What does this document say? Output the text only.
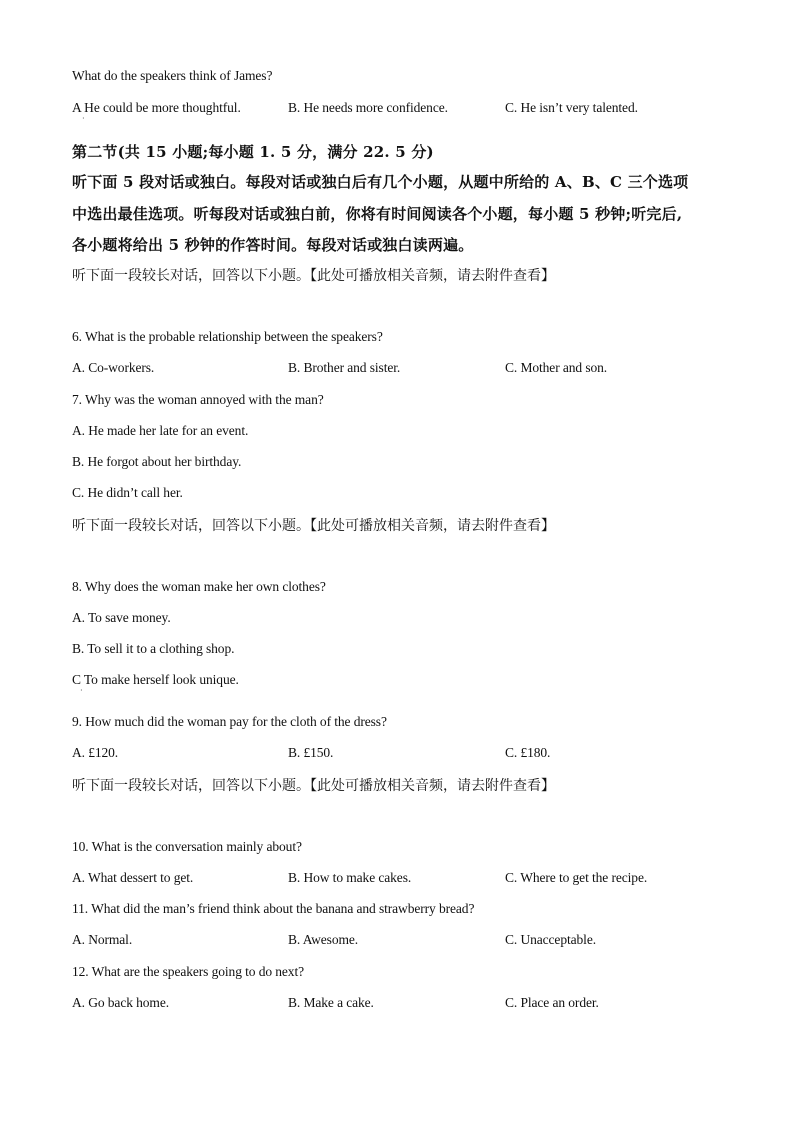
What do the speakers think of James?
A He could be more thoughtful.
·
B. He needs more confidence.	C. He isn’t very talented.
第二节(共 15 小题;每小题 1. 5 分，满分 22. 5 分)
听下面 5 段对话或独白。每段对话或独白后有几个小题，从题中所给的 A、B、C 三个选项
中选出最佳选项。听每段对话或独白前，你将有时间阅读各个小题，每小题 5 秒钟;听完后,
各小题将给出 5 秒钟的作答时间。每段对话或独白读两遍。
听下面一段较长对话，回答以下小题。【此处可播放相关音频，请去附件查看】
6. What is the probable relationship between the speakers?
A. Co-workers.	B. Brother and sister.	C. Mother and son.
7. Why was the woman annoyed with the man?
A. He made her late for an event.
B. He forgot about her birthday.
C. He didn’t call her.
听下面一段较长对话，回答以下小题。【此处可播放相关音频，请去附件查看】
8. Why does the woman make her own clothes?
A. To save money.
B. To sell it to a clothing shop.
C To make herself look unique.
·
9. How much did the woman pay for the cloth of the dress?
A. £120.	B. £150.	C. £180.
听下面一段较长对话，回答以下小题。【此处可播放相关音频，请去附件查看】
10. What is the conversation mainly about?
A. What dessert to get.	B. How to make cakes.	C. Where to get the recipe.
11. What did the man’s friend think about the banana and strawberry bread?
A. Normal.	B. Awesome.	C. Unacceptable.
12. What are the speakers going to do next?
A. Go back home.	B. Make a cake.	C. Place an order.
